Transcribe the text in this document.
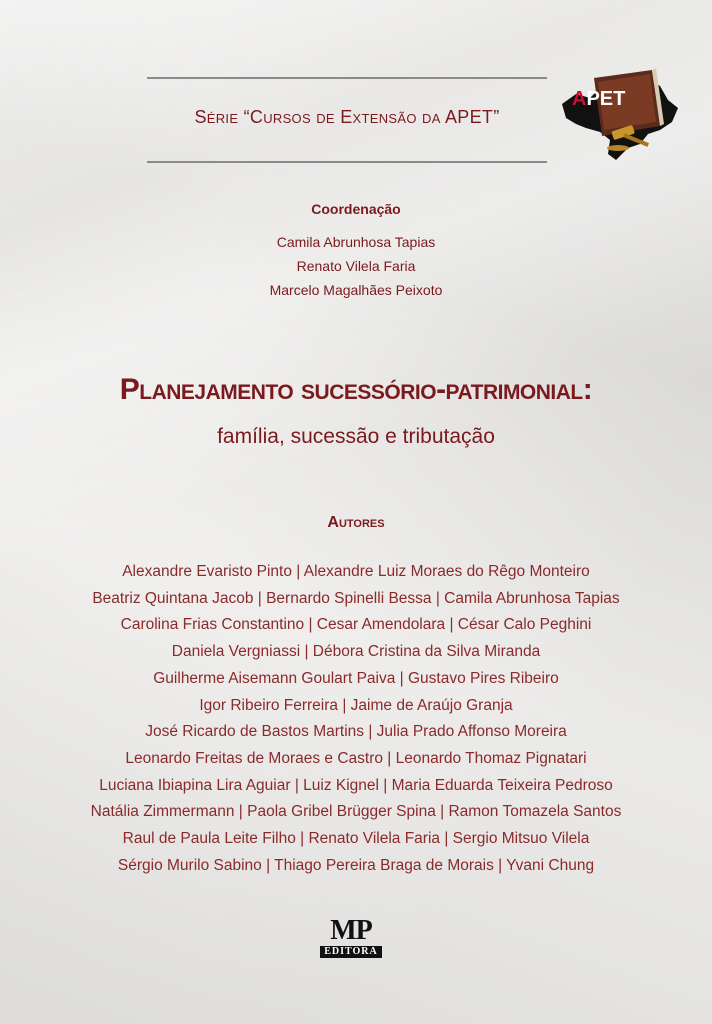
Série “Cursos de Extensão da APET”
APET
Coordenação
Camila Abrunhosa Tapias
Renato Vilela Faria
Marcelo Magalhães Peixoto
Planejamento sucessório-patrimonial:
família, sucessão e tributação
Autores
Alexandre Evaristo Pinto | Alexandre Luiz Moraes do Rêgo Monteiro
Beatriz Quintana Jacob | Bernardo Spinelli Bessa | Camila Abrunhosa Tapias
Carolina Frias Constantino | Cesar Amendolara | César Calo Peghini
Daniela Vergniassi | Débora Cristina da Silva Miranda
Guilherme Aisemann Goulart Paiva | Gustavo Pires Ribeiro
Igor Ribeiro Ferreira | Jaime de Araújo Granja
José Ricardo de Bastos Martins | Julia Prado Affonso Moreira
Leonardo Freitas de Moraes e Castro | Leonardo Thomaz Pignatari
Luciana Ibiapina Lira Aguiar | Luiz Kignel | Maria Eduarda Teixeira Pedroso
Natália Zimmermann | Paola Gribel Brügger Spina | Ramon Tomazela Santos
Raul de Paula Leite Filho | Renato Vilela Faria | Sergio Mitsuo Vilela
Sérgio Murilo Sabino | Thiago Pereira Braga de Morais | Yvani Chung
MP
EDITORA
